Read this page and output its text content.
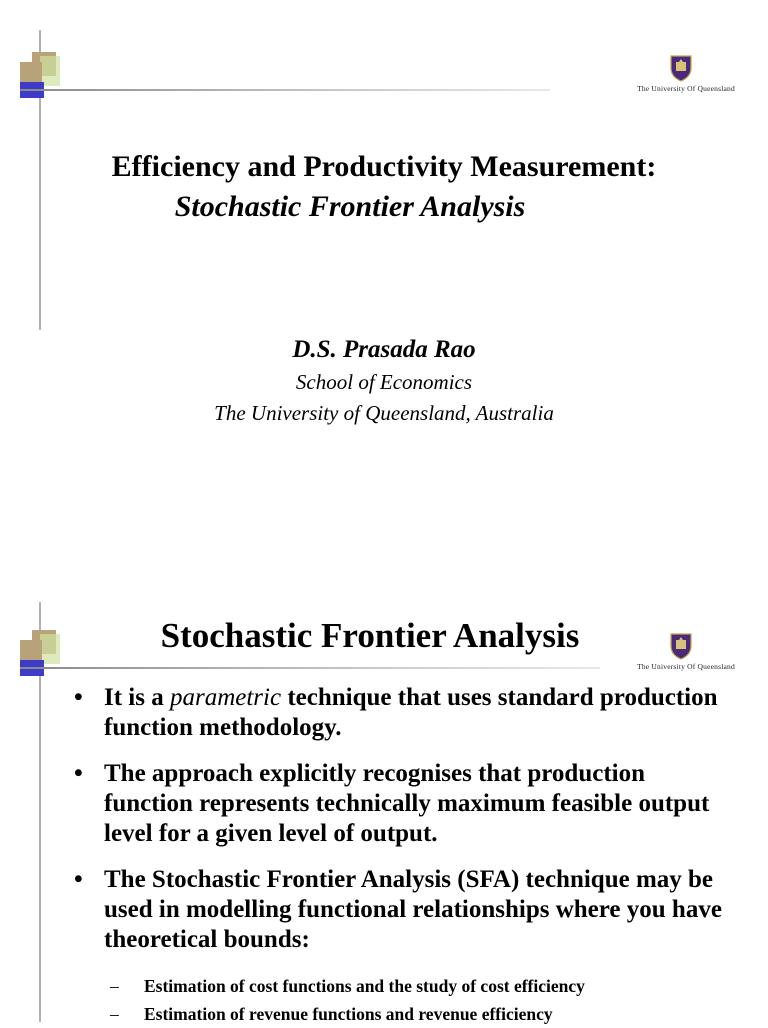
The University Of Queensland
Efficiency and Productivity Measurement:
Stochastic Frontier Analysis
D.S. Prasada Rao
School of Economics
The University of Queensland, Australia
The University Of Queensland
Stochastic Frontier Analysis
• It is a parametric technique that uses standard production function methodology.
• The approach explicitly recognises that production function represents technically maximum feasible output level for a given level of output.
• The Stochastic Frontier Analysis (SFA) technique may be used in modelling functional relationships where you have theoretical bounds:
– Estimation of cost functions and the study of cost efficiency
– Estimation of revenue functions and revenue efficiency
